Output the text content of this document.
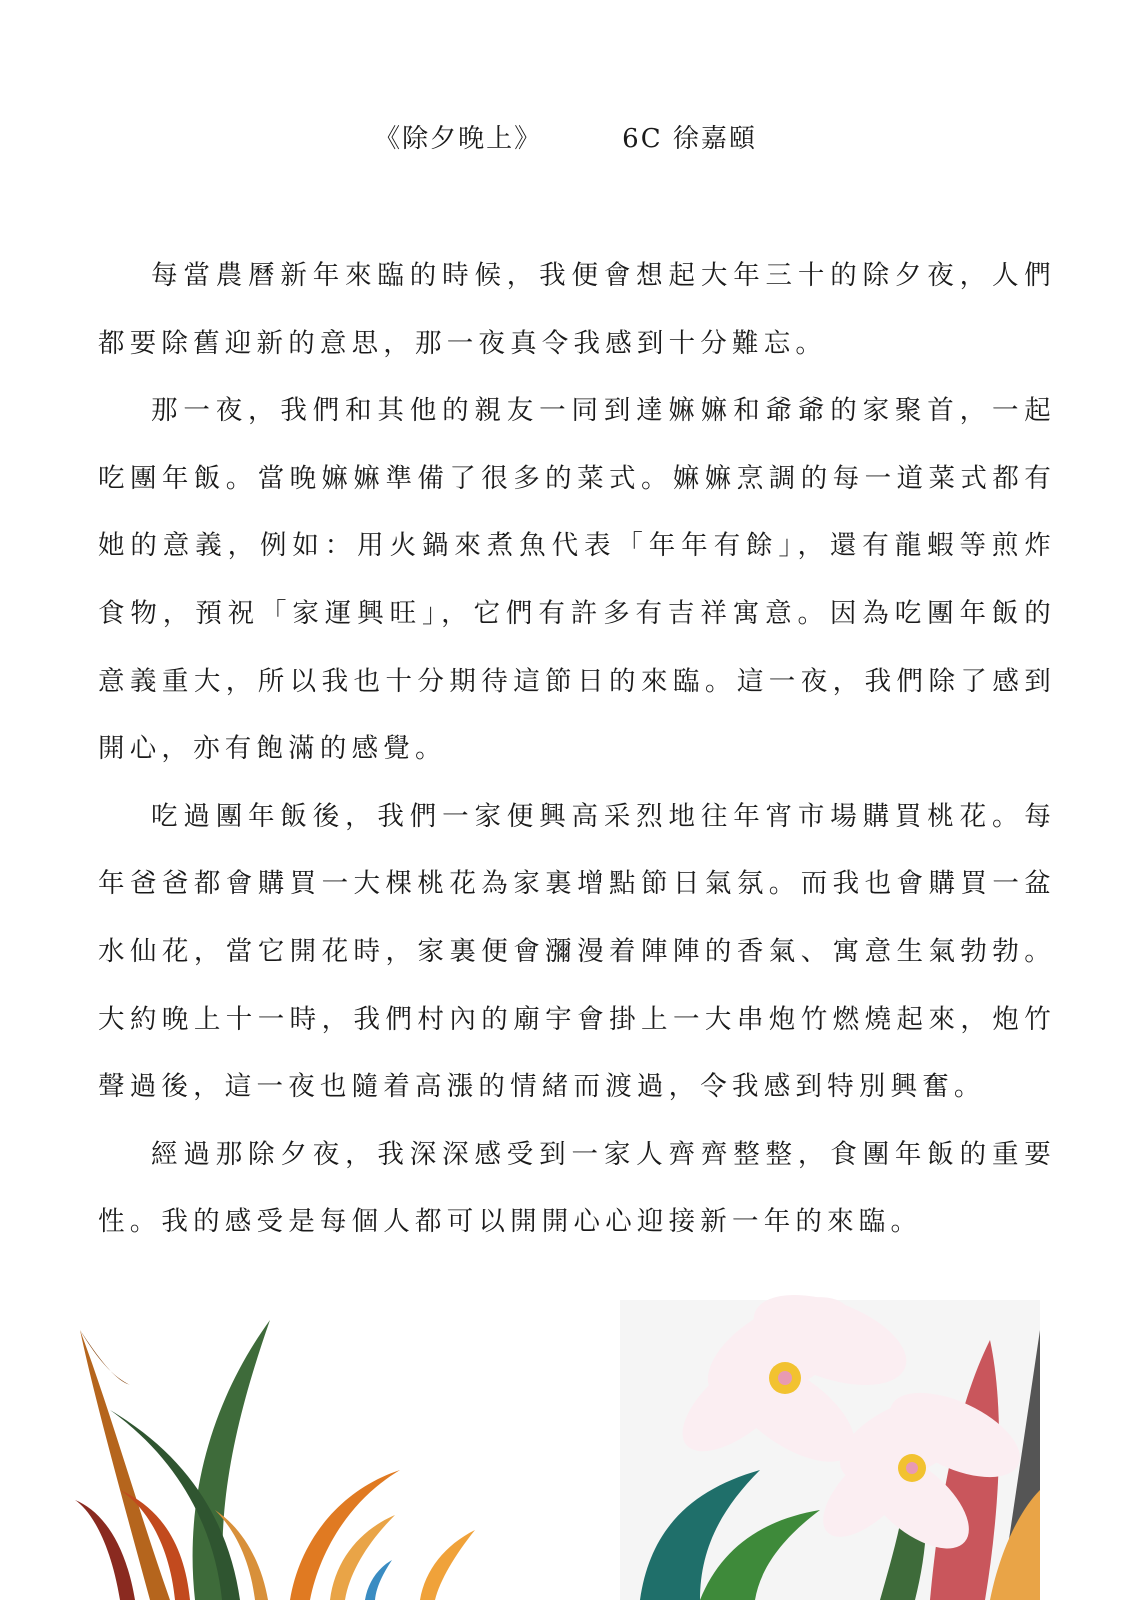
《除夕晚上》	6C 徐嘉頤

每當農曆新年來臨的時候，我便會想起大年三十的除夕夜，人們都要除舊迎新的意思，那一夜真令我感到十分難忘。

那一夜，我們和其他的親友一同到達嫲嫲和爺爺的家聚首，一起吃團年飯。當晚嫲嫲準備了很多的菜式。嫲嫲烹調的每一道菜式都有她的意義，例如：用火鍋來煮魚代表「年年有餘」，還有龍蝦等煎炸食物，預祝「家運興旺」，它們有許多有吉祥寓意。因為吃團年飯的意義重大，所以我也十分期待這節日的來臨。這一夜，我們除了感到開心，亦有飽滿的感覺。

吃過團年飯後，我們一家便興高采烈地往年宵市場購買桃花。每年爸爸都會購買一大棵桃花為家裏增點節日氣氛。而我也會購買一盆水仙花，當它開花時，家裏便會瀰漫着陣陣的香氣、寓意生氣勃勃。大約晚上十一時，我們村內的廟宇會掛上一大串炮竹燃燒起來，炮竹聲過後，這一夜也隨着高漲的情緒而渡過，令我感到特別興奮。

經過那除夕夜，我深深感受到一家人齊齊整整，食團年飯的重要性。我的感受是每個人都可以開開心心迎接新一年的來臨。
